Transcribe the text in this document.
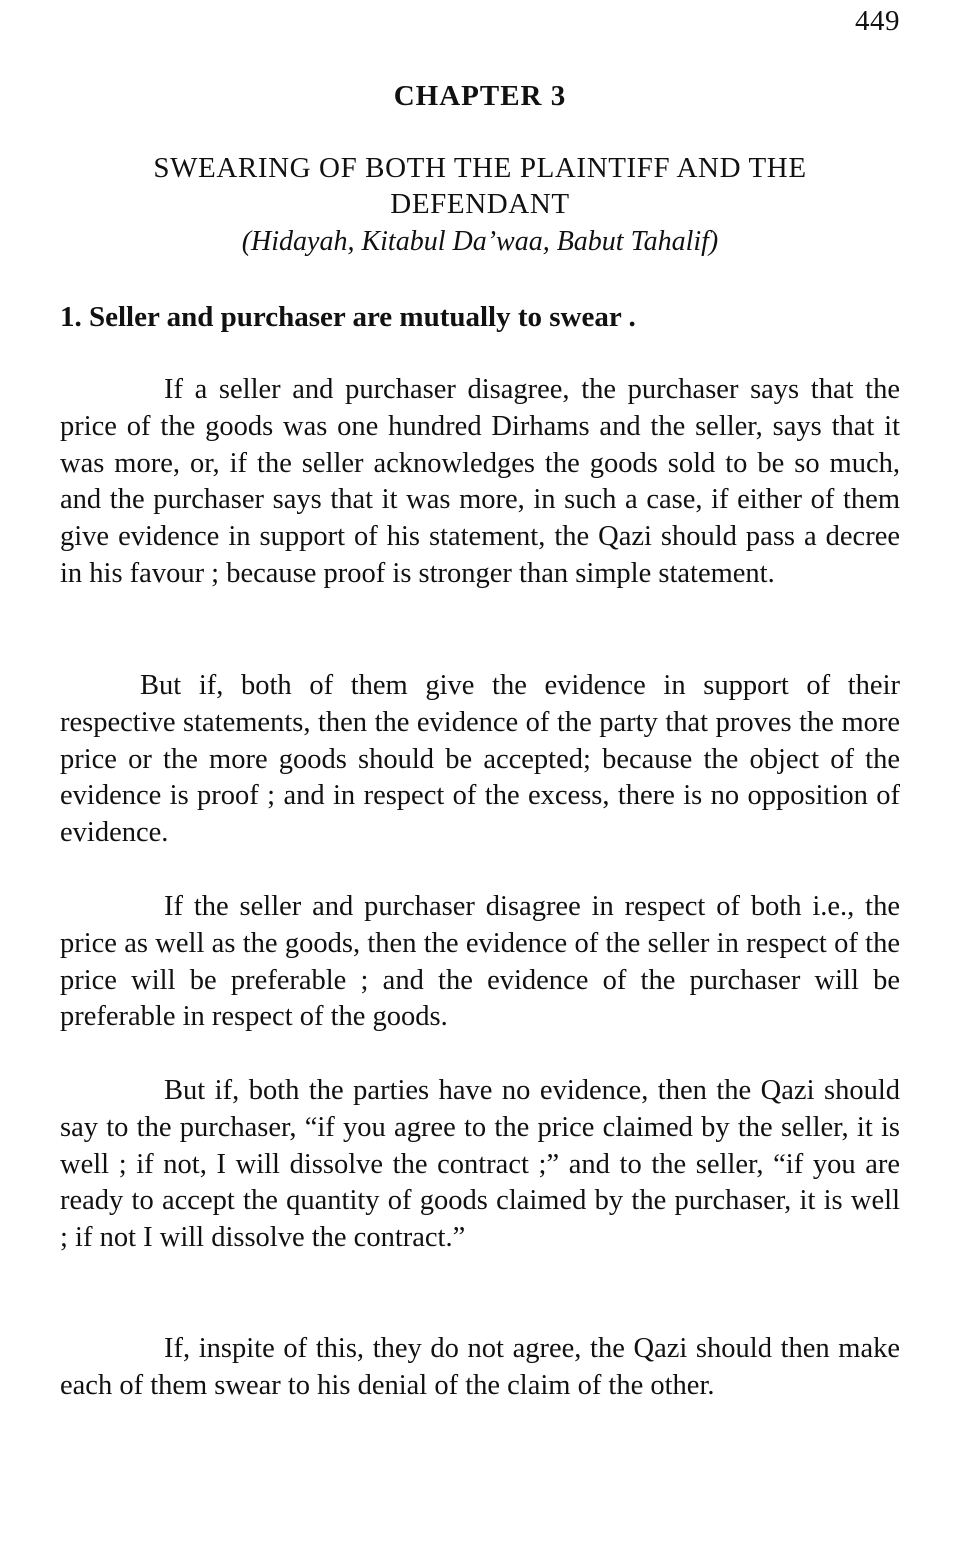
449
CHAPTER 3
SWEARING OF BOTH THE PLAINTIFF AND THE DEFENDANT
(Hidayah, Kitabul Da’waa, Babut Tahalif)
1. Seller and purchaser are mutually to swear .

If a seller and purchaser disagree, the purchaser says that the price of the goods was one hundred Dirhams and the seller, says that it was more, or, if the seller acknowledges the goods sold to be so much, and the purchaser says that it was more, in such a case, if either of them give evidence in support of his statement, the Qazi should pass a decree in his favour ; because proof is stronger than simple statement.

But if, both of them give the evidence in support of their respective statements, then the evidence of the party that proves the more price or the more goods should be accepted; because the object of the evidence is proof ; and in respect of the excess, there is no opposition of evidence.

If the seller and purchaser disagree in respect of both i.e., the price as well as the goods, then the evidence of the seller in respect of the price will be preferable ; and the evidence of the purchaser will be preferable in respect of the goods.

But if, both the parties have no evidence, then the Qazi should say to the purchaser, “if you agree to the price claimed by the seller, it is well ; if not, I will dissolve the contract ;” and to the seller, “if you are ready to accept the quantity of goods claimed by the purchaser, it is well ; if not I will dissolve the contract.”

If, inspite of this, they do not agree, the Qazi should then make each of them swear to his denial of the claim of the other.
